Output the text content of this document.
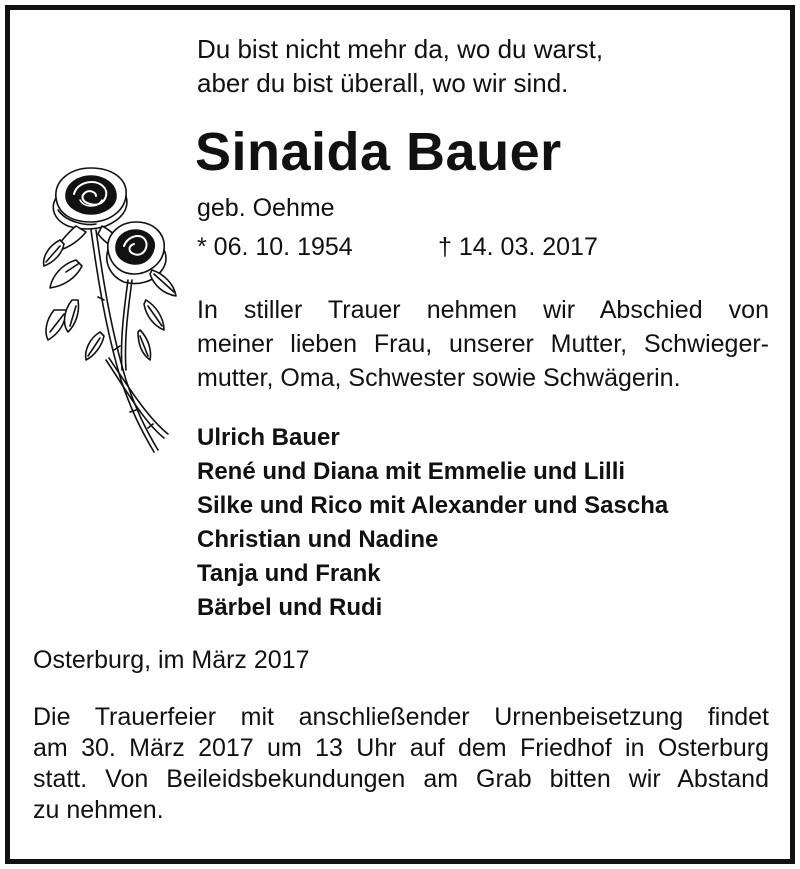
Du bist nicht mehr da, wo du warst,
aber du bist überall, wo wir sind.
Sinaida Bauer
geb. Oehme
* 06. 10. 1954	† 14. 03. 2017
In stiller Trauer nehmen wir Abschied von
meiner lieben Frau, unserer Mutter, Schwieger-
mutter, Oma, Schwester sowie Schwägerin.
Ulrich Bauer
René und Diana mit Emmelie und Lilli
Silke und Rico mit Alexander und Sascha
Christian und Nadine
Tanja und Frank
Bärbel und Rudi
Osterburg, im März 2017
Die Trauerfeier mit anschließender Urnenbeisetzung findet
am 30. März 2017 um 13 Uhr auf dem Friedhof in Osterburg
statt. Von Beileidsbekundungen am Grab bitten wir Abstand
zu nehmen.
